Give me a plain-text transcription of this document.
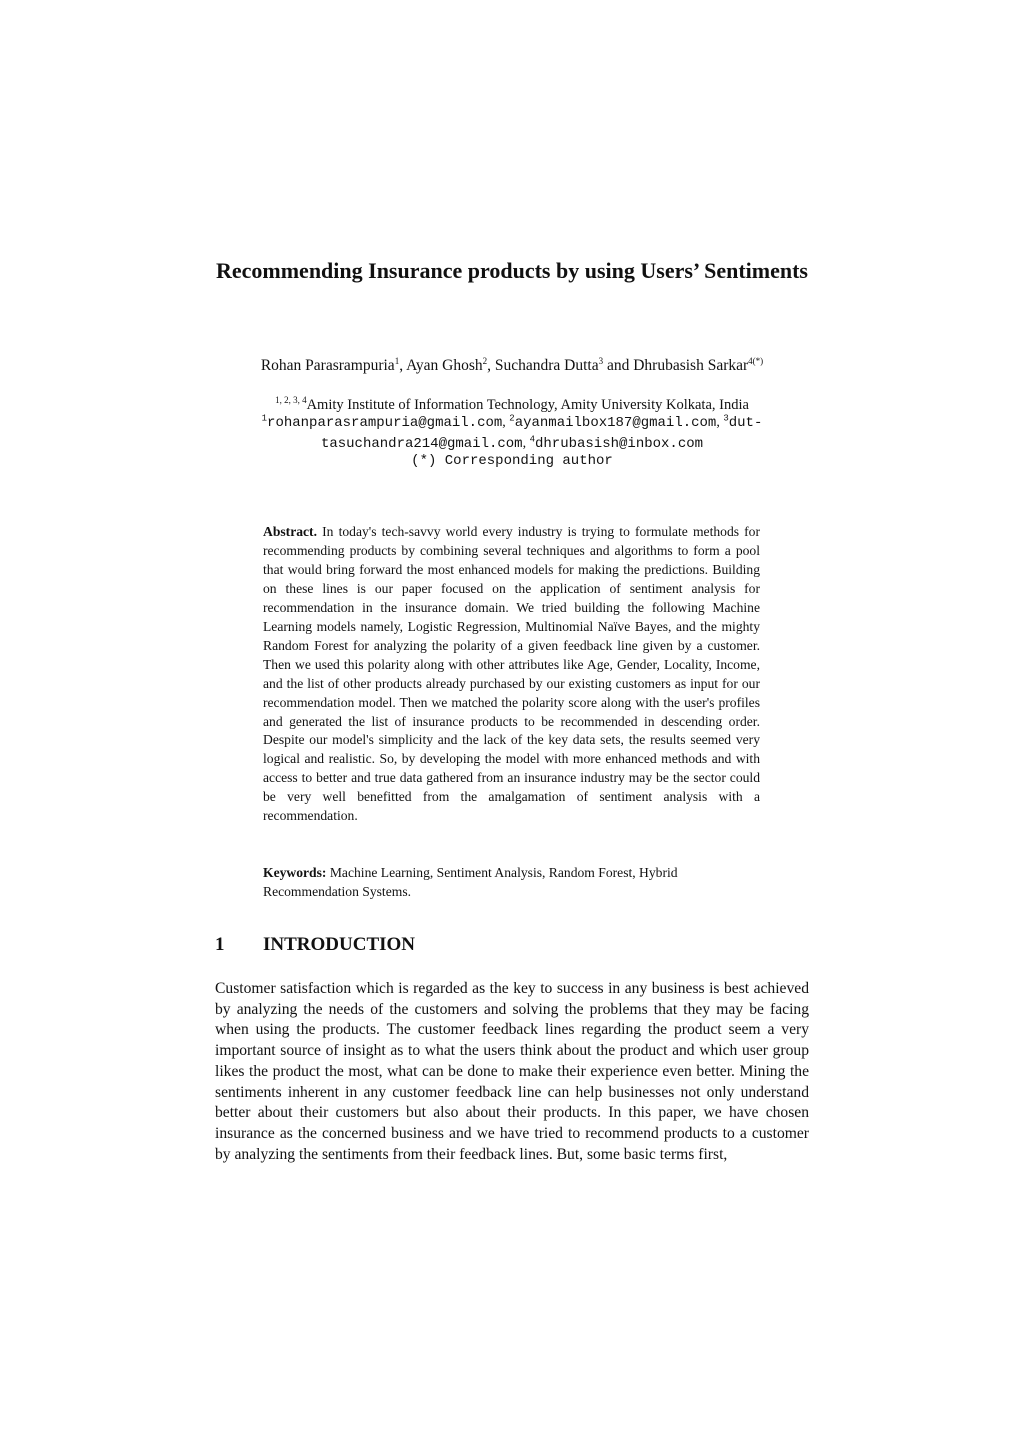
Recommending Insurance products by using Users’ Sentiments
Rohan Parasrampuria$^1$, Ayan Ghosh$^2$, Suchandra Dutta$^3$ and Dhrubasish Sarkar$^{4(*)}$
$^{1, 2, 3, 4}$Amity Institute of Information Technology, Amity University Kolkata, India
$^1$rohanparasrampuria@gmail.com, $^2$ayanmailbox187@gmail.com, $^3$dut-tasuchandra214@gmail.com, $^4$dhrubasish@inbox.com
(*) Corresponding author

Abstract. In today's tech-savvy world every industry is trying to formulate methods for recommending products by combining several techniques and algorithms to form a pool that would bring forward the most enhanced models for making the predictions. Building on these lines is our paper focused on the application of sentiment analysis for recommendation in the insurance domain. We tried building the following Machine Learning models namely, Logistic Regression, Multinomial Naïve Bayes, and the mighty Random Forest for analyzing the polarity of a given feedback line given by a customer. Then we used this polarity along with other attributes like Age, Gender, Locality, Income, and the list of other products already purchased by our existing customers as input for our recommendation model. Then we matched the polarity score along with the user's profiles and generated the list of insurance products to be recommended in descending order. Despite our model's simplicity and the lack of the key data sets, the results seemed very logical and realistic. So, by developing the model with more enhanced methods and with access to better and true data gathered from an insurance industry may be the sector could be very well benefitted from the amalgamation of sentiment analysis with a recommendation.

Keywords: Machine Learning, Sentiment Analysis, Random Forest, Hybrid Recommendation Systems.

1 INTRODUCTION

Customer satisfaction which is regarded as the key to success in any business is best achieved by analyzing the needs of the customers and solving the problems that they may be facing when using the products. The customer feedback lines regarding the product seem a very important source of insight as to what the users think about the product and which user group likes the product the most, what can be done to make their experience even better. Mining the sentiments inherent in any customer feedback line can help businesses not only understand better about their customers but also about their products. In this paper, we have chosen insurance as the concerned business and we have tried to recommend products to a customer by analyzing the sentiments from their feedback lines. But, some basic terms first,
